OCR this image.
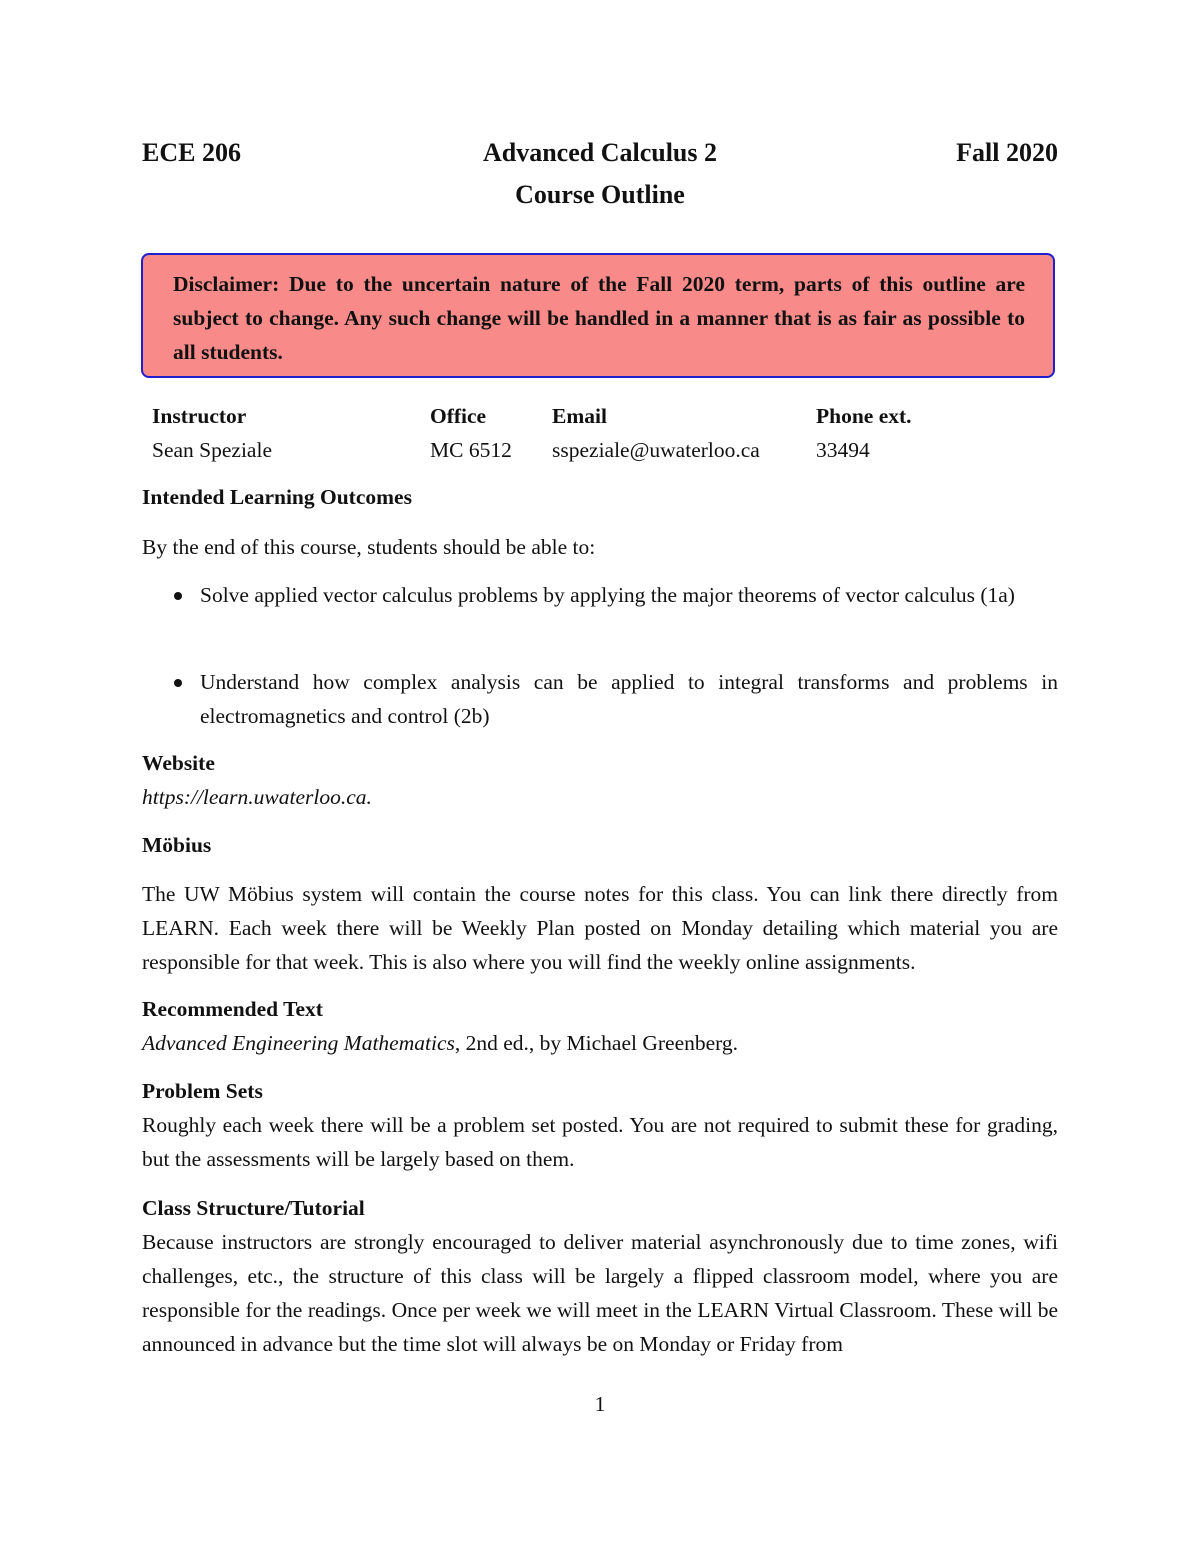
ECE 206	Advanced Calculus 2	Fall 2020
Course Outline
Disclaimer: Due to the uncertain nature of the Fall 2020 term, parts of this outline are subject to change. Any such change will be handled in a manner that is as fair as possible to all students.
Instructor	Office	Email	Phone ext.
Sean Speziale	MC 6512 sspeziale@uwaterloo.ca	33494
Intended Learning Outcomes
By the end of this course, students should be able to:
Solve applied vector calculus problems by applying the major theorems of vector calculus (1a)
Understand how complex analysis can be applied to integral transforms and problems in electromagnetics and control (2b)
Website
https://learn.uwaterloo.ca.
Möbius
The UW Möbius system will contain the course notes for this class. You can link there directly from LEARN. Each week there will be Weekly Plan posted on Monday detailing which material you are responsible for that week. This is also where you will find the weekly online assignments.
Recommended Text
Advanced Engineering Mathematics, 2nd ed., by Michael Greenberg.
Problem Sets
Roughly each week there will be a problem set posted. You are not required to submit these for grading, but the assessments will be largely based on them.
Class Structure/Tutorial
Because instructors are strongly encouraged to deliver material asynchronously due to time zones, wifi challenges, etc., the structure of this class will be largely a flipped classroom model, where you are responsible for the readings. Once per week we will meet in the LEARN Virtual Classroom. These will be announced in advance but the time slot will always be on Monday or Friday from
1
